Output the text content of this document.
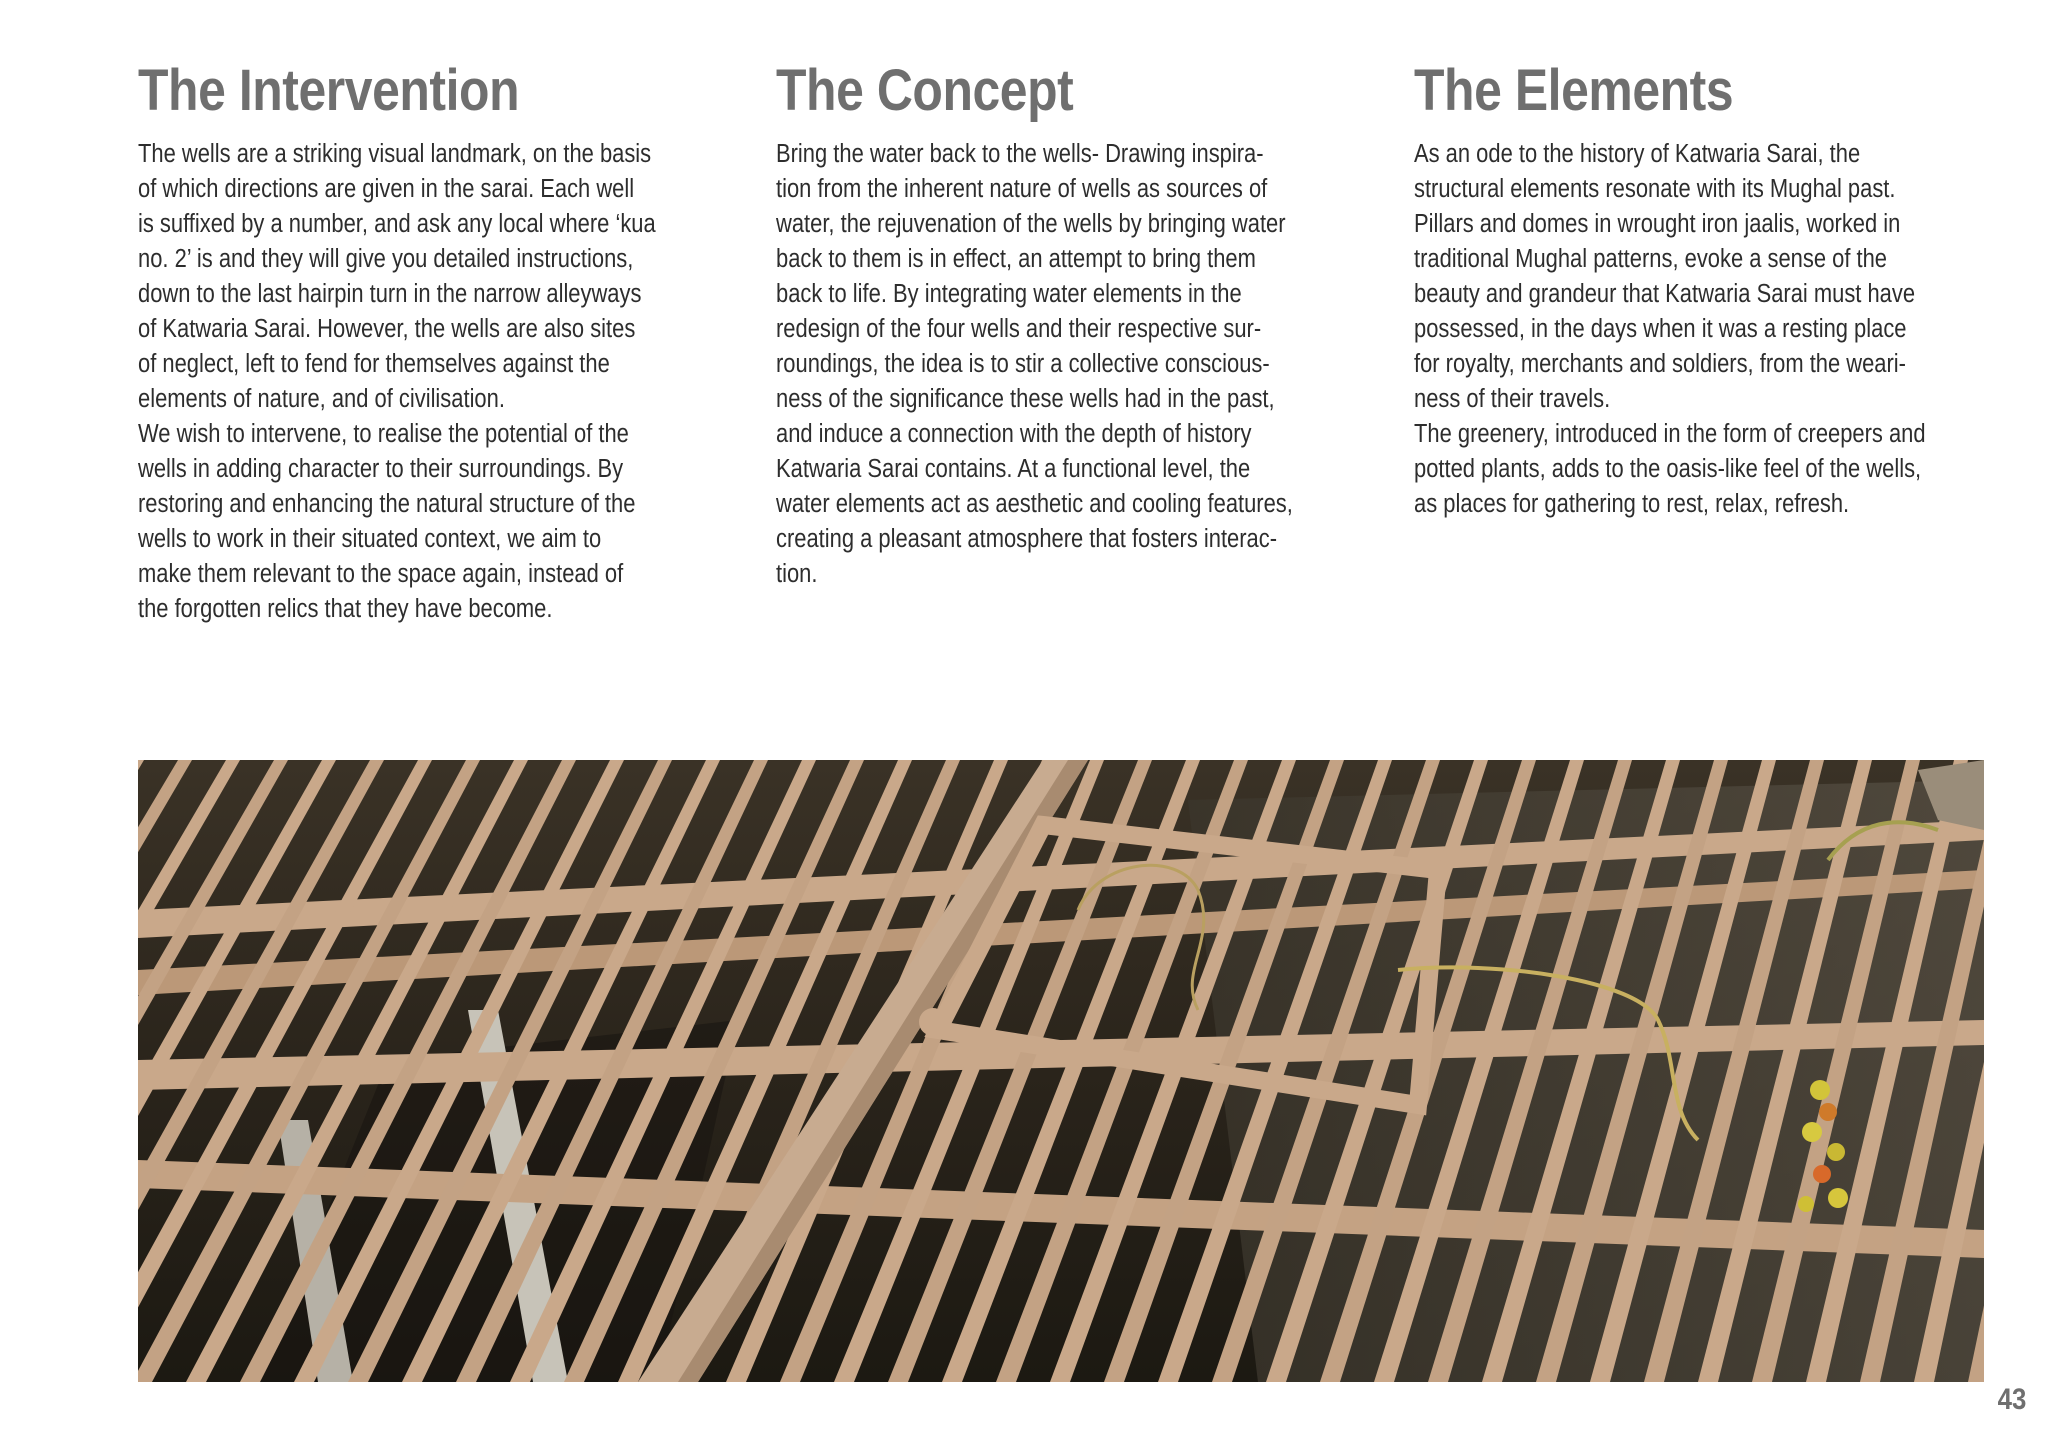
The Intervention
The wells are a striking visual landmark, on the basis
of which directions are given in the sarai. Each well
is suffixed by a number, and ask any local where ‘kua
no. 2’ is and they will give you detailed instructions,
down to the last hairpin turn in the narrow alleyways
of Katwaria Sarai. However, the wells are also sites
of neglect, left to fend for themselves against the
elements of nature, and of civilisation.
We wish to intervene, to realise the potential of the
wells in adding character to their surroundings. By
restoring and enhancing the natural structure of the
wells to work in their situated context, we aim to
make them relevant to the space again, instead of
the forgotten relics that they have become.
The Concept
Bring the water back to the wells- Drawing inspira-
tion from the inherent nature of wells as sources of
water, the rejuvenation of the wells by bringing water
back to them is in effect, an attempt to bring them
back to life. By integrating water elements in the
redesign of the four wells and their respective sur-
roundings, the idea is to stir a collective conscious-
ness of the significance these wells had in the past,
and induce a connection with the depth of history
Katwaria Sarai contains. At a functional level, the
water elements act as aesthetic and cooling features,
creating a pleasant atmosphere that fosters interac-
tion.
The Elements
As an ode to the history of Katwaria Sarai, the
structural elements resonate with its Mughal past.
Pillars and domes in wrought iron jaalis, worked in
traditional Mughal patterns, evoke a sense of the
beauty and grandeur that Katwaria Sarai must have
possessed, in the days when it was a resting place
for royalty, merchants and soldiers, from the weari-
ness of their travels.
The greenery, introduced in the form of creepers and
potted plants, adds to the oasis-like feel of the wells,
as places for gathering to rest, relax, refresh.
43
